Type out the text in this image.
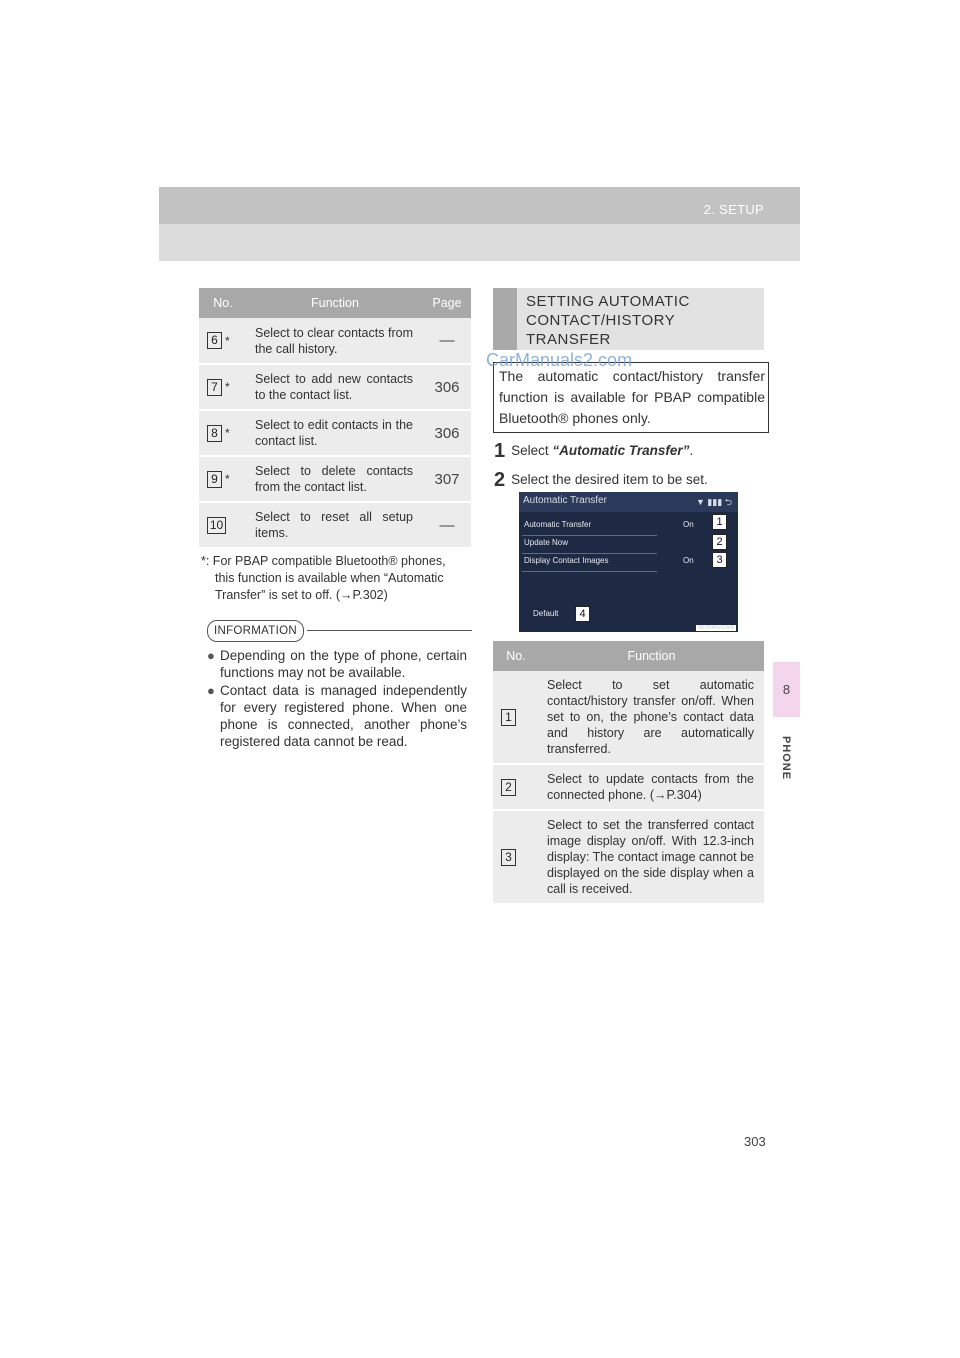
2. SETUP
8
PHONE
No.	Function	Page
6 *	Select to clear contacts from the call history.	—
7 *	Select to add new contacts to the contact list.	306
8 *	Select to edit contacts in the contact list.	306
9 *	Select to delete contacts from the contact list.	307
10	Select to reset all setup items.	—
*: For PBAP compatible Bluetooth® phones,
this function is available when “Automatic Transfer” is set to off. (→P.302)
INFORMATION
● Depending on the type of phone, certain functions may not be available.
● Contact data is managed independently for every registered phone. When one phone is connected, another phone’s registered data cannot be read.
SETTING AUTOMATIC
CONTACT/HISTORY
TRANSFER
The automatic contact/history transfer function is available for PBAP compatible Bluetooth® phones only.
CarManuals2.com
1 Select “Automatic Transfer”.
2 Select the desired item to be set.
Automatic Transfer	▼ ▮▮▮ ⮌
Automatic Transfer
Update Now
Display Contact Images
On
On
Default
1
2
3
4
BE7INtReG/A/B
No.	Function
1	Select to set automatic contact/history transfer on/off. When set to on, the phone’s contact data and history are automatically transferred.
2	Select to update contacts from the connected phone. (→P.304)
3	Select to set the transferred contact image display on/off. With 12.3-inch display: The contact image cannot be displayed on the side display when a call is received.
303
